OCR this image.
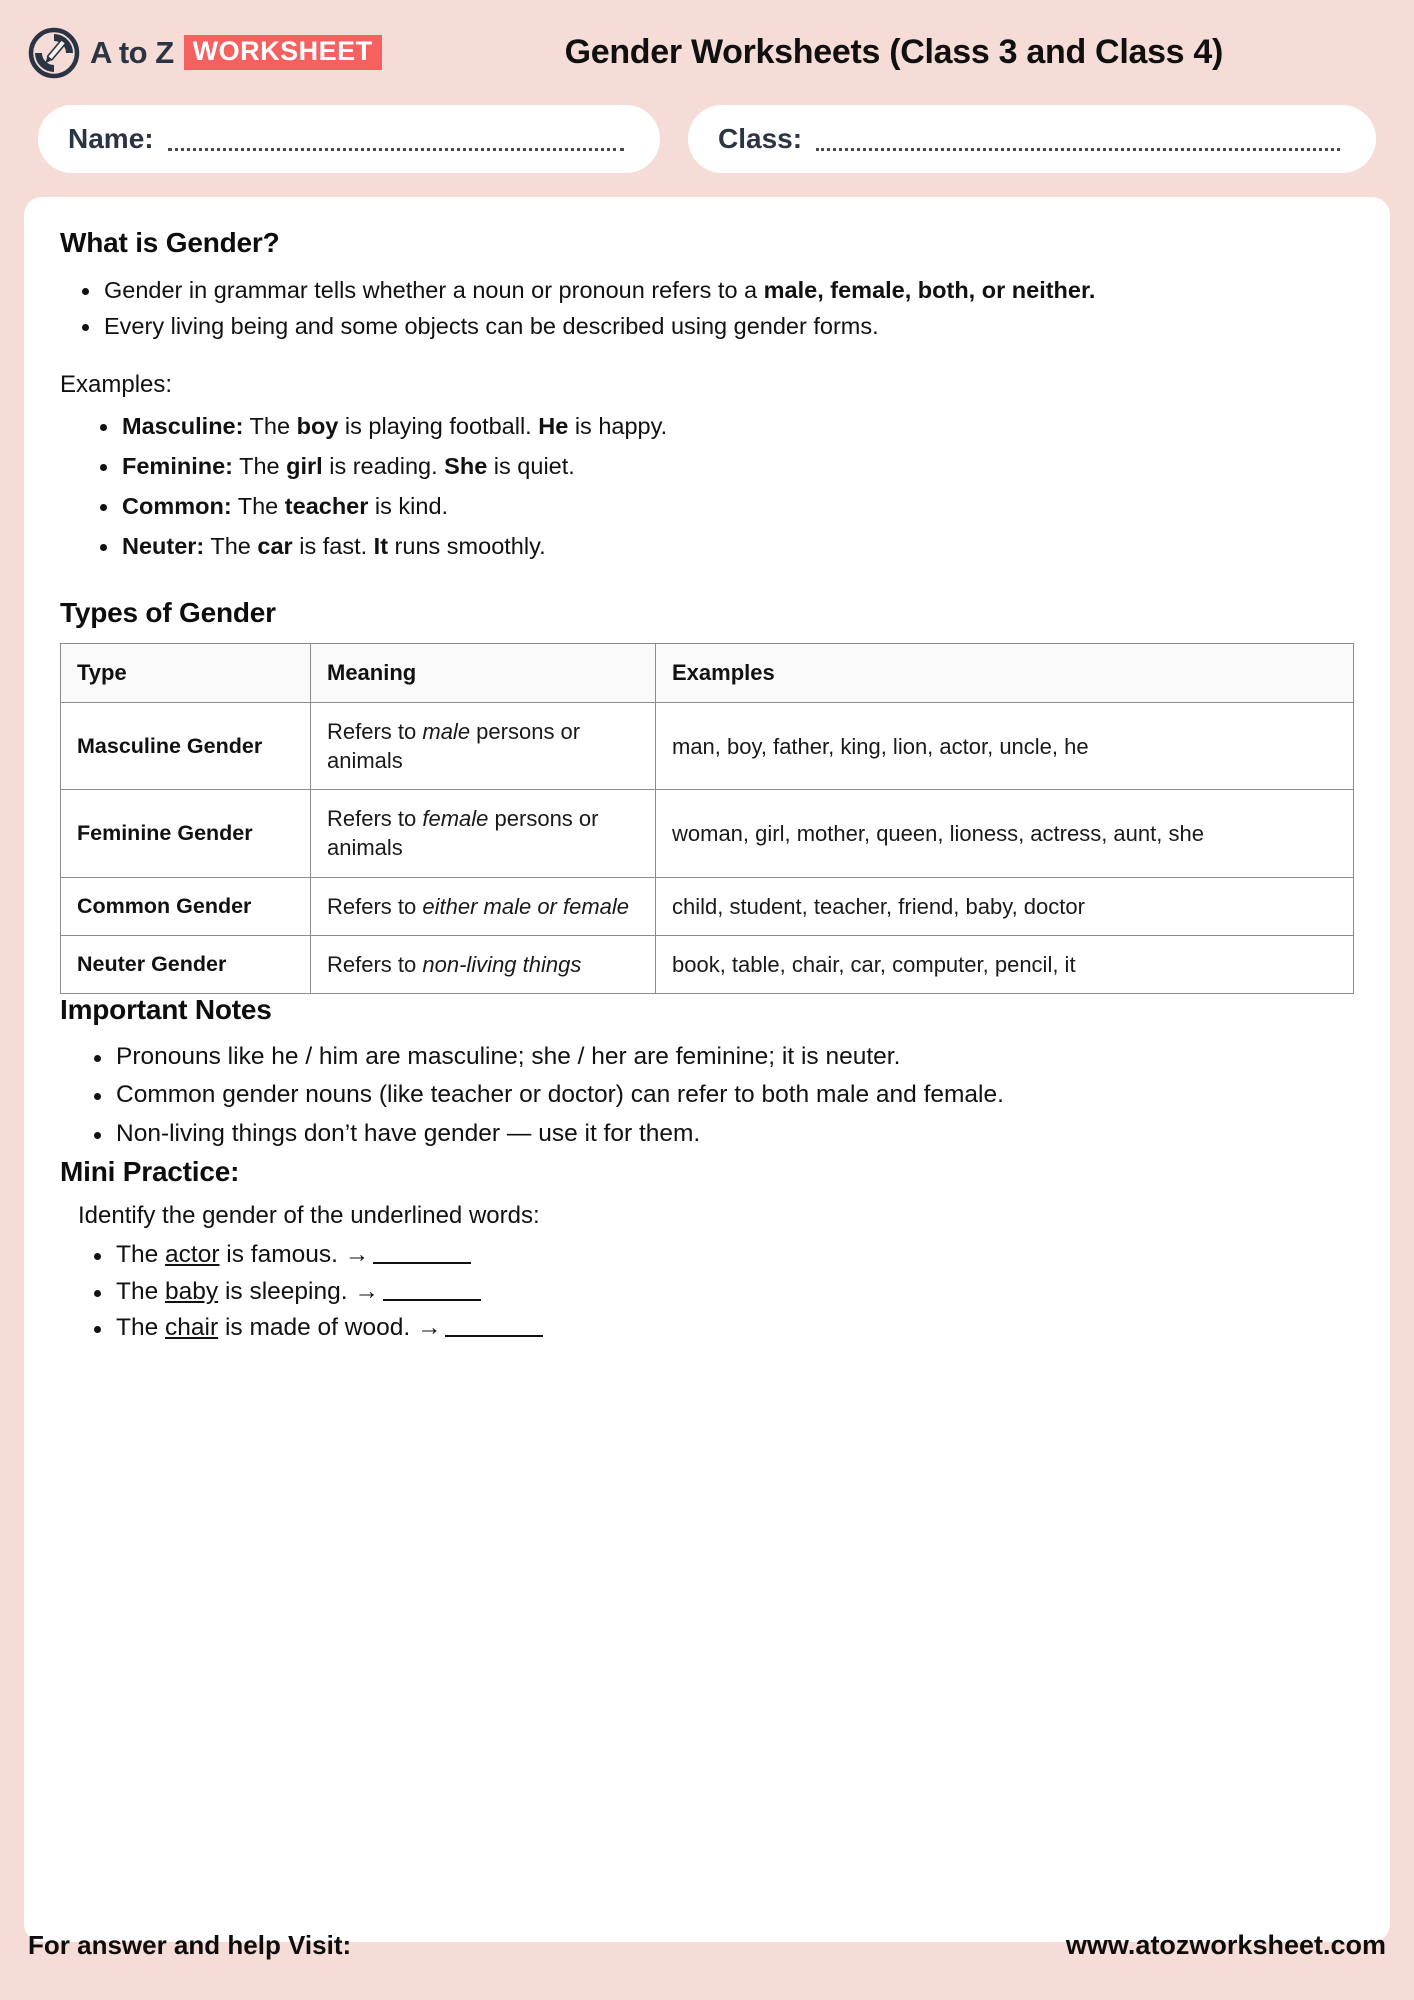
A to Z WORKSHEET	Gender Worksheets (Class 3 and Class 4)
Name:	Class:
What is Gender?
Gender in grammar tells whether a noun or pronoun refers to a male, female, both, or neither.
Every living being and some objects can be described using gender forms.
Examples:
Masculine: The boy is playing football. He is happy.
Feminine: The girl is reading. She is quiet.
Common: The teacher is kind.
Neuter: The car is fast. It runs smoothly.
Types of Gender
Type	Meaning	Examples
Masculine Gender	Refers to male persons or animals	man, boy, father, king, lion, actor, uncle, he
Feminine Gender	Refers to female persons or animals	woman, girl, mother, queen, lioness, actress, aunt, she
Common Gender	Refers to either male or female	child, student, teacher, friend, baby, doctor
Neuter Gender	Refers to non-living things	book, table, chair, car, computer, pencil, it
Important Notes
Pronouns like he / him are masculine; she / her are feminine; it is neuter.
Common gender nouns (like teacher or doctor) can refer to both male and female.
Non-living things don’t have gender — use it for them.
Mini Practice:
Identify the gender of the underlined words:
The actor is famous. →
The baby is sleeping. →
The chair is made of wood. →
For answer and help Visit:	www.atozworksheet.com
